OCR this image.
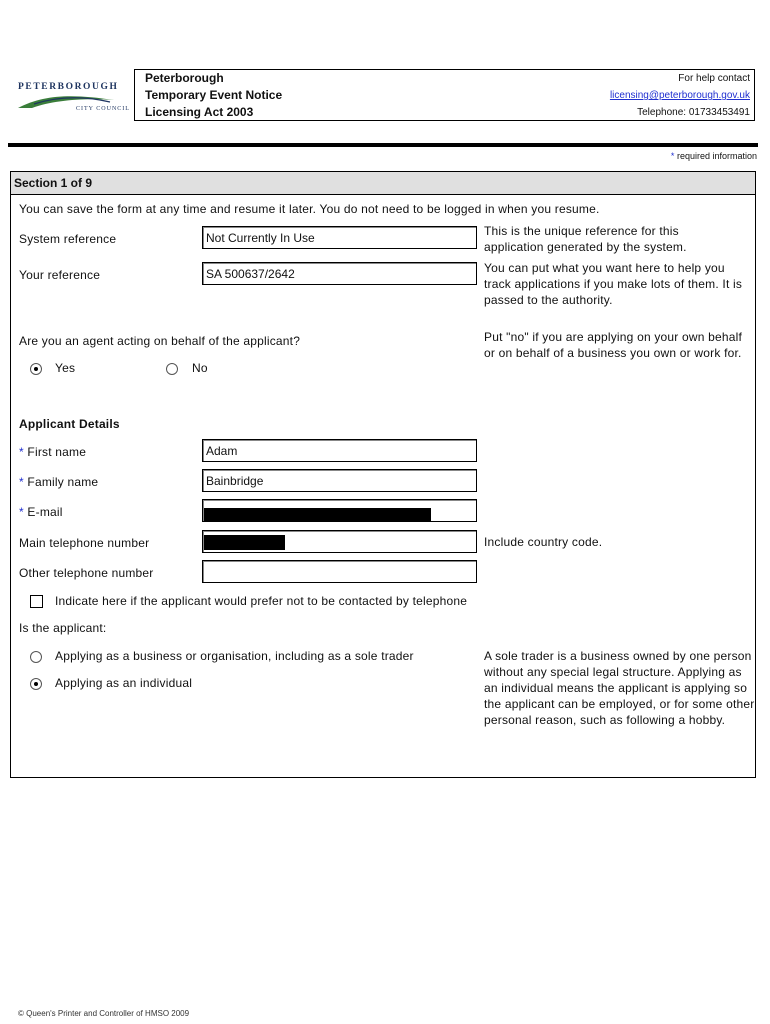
PETERBOROUGH
CITY COUNCIL
Peterborough
Temporary Event Notice
Licensing Act 2003
For help contact
licensing@peterborough.gov.uk
Telephone: 01733453491
* required information
Section 1 of 9
You can save the form at any time and resume it later. You do not need to be logged in when you resume.
System reference	Not Currently In Use	This is the unique reference for this application generated by the system.
Your reference	SA 500637/2642	You can put what you want here to help you track applications if you make lots of them. It is passed to the authority.
Are you an agent acting on behalf of the applicant?
Yes	No
Put "no" if you are applying on your own behalf or on behalf of a business you own or work for.
Applicant Details
* First name	Adam
* Family name	Bainbridge
* E-mail
Main telephone number	Include country code.
Other telephone number
Indicate here if the applicant would prefer not to be contacted by telephone
Is the applicant:
Applying as a business or organisation, including as a sole trader
Applying as an individual
A sole trader is a business owned by one person without any special legal structure. Applying as an individual means the applicant is applying so the applicant can be employed, or for some other personal reason, such as following a hobby.
© Queen's Printer and Controller of HMSO 2009
